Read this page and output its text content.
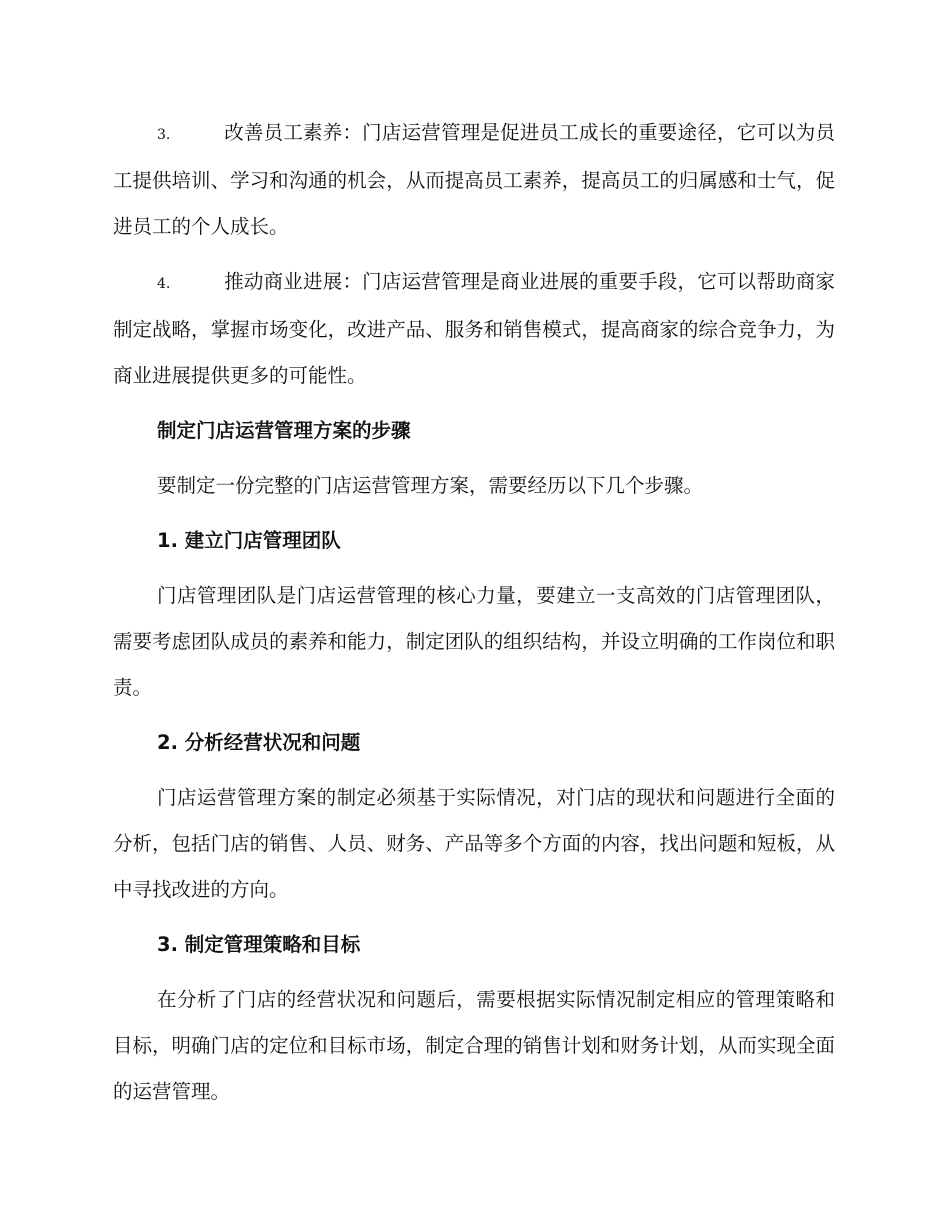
3.	改善员工素养：门店运营管理是促进员工成长的重要途径，它可以为员工提供培训、学习和沟通的机会，从而提高员工素养，提高员工的归属感和士气，促进员工的个人成长。

4.	推动商业进展：门店运营管理是商业进展的重要手段，它可以帮助商家制定战略，掌握市场变化，改进产品、服务和销售模式，提高商家的综合竞争力，为商业进展提供更多的可能性。

制定门店运营管理方案的步骤

要制定一份完整的门店运营管理方案，需要经历以下几个步骤。

1. 建立门店管理团队

门店管理团队是门店运营管理的核心力量，要建立一支高效的门店管理团队，需要考虑团队成员的素养和能力，制定团队的组织结构，并设立明确的工作岗位和职责。

2. 分析经营状况和问题

门店运营管理方案的制定必须基于实际情况，对门店的现状和问题进行全面的分析，包括门店的销售、人员、财务、产品等多个方面的内容，找出问题和短板，从中寻找改进的方向。

3. 制定管理策略和目标

在分析了门店的经营状况和问题后，需要根据实际情况制定相应的管理策略和目标，明确门店的定位和目标市场，制定合理的销售计划和财务计划，从而实现全面的运营管理。
